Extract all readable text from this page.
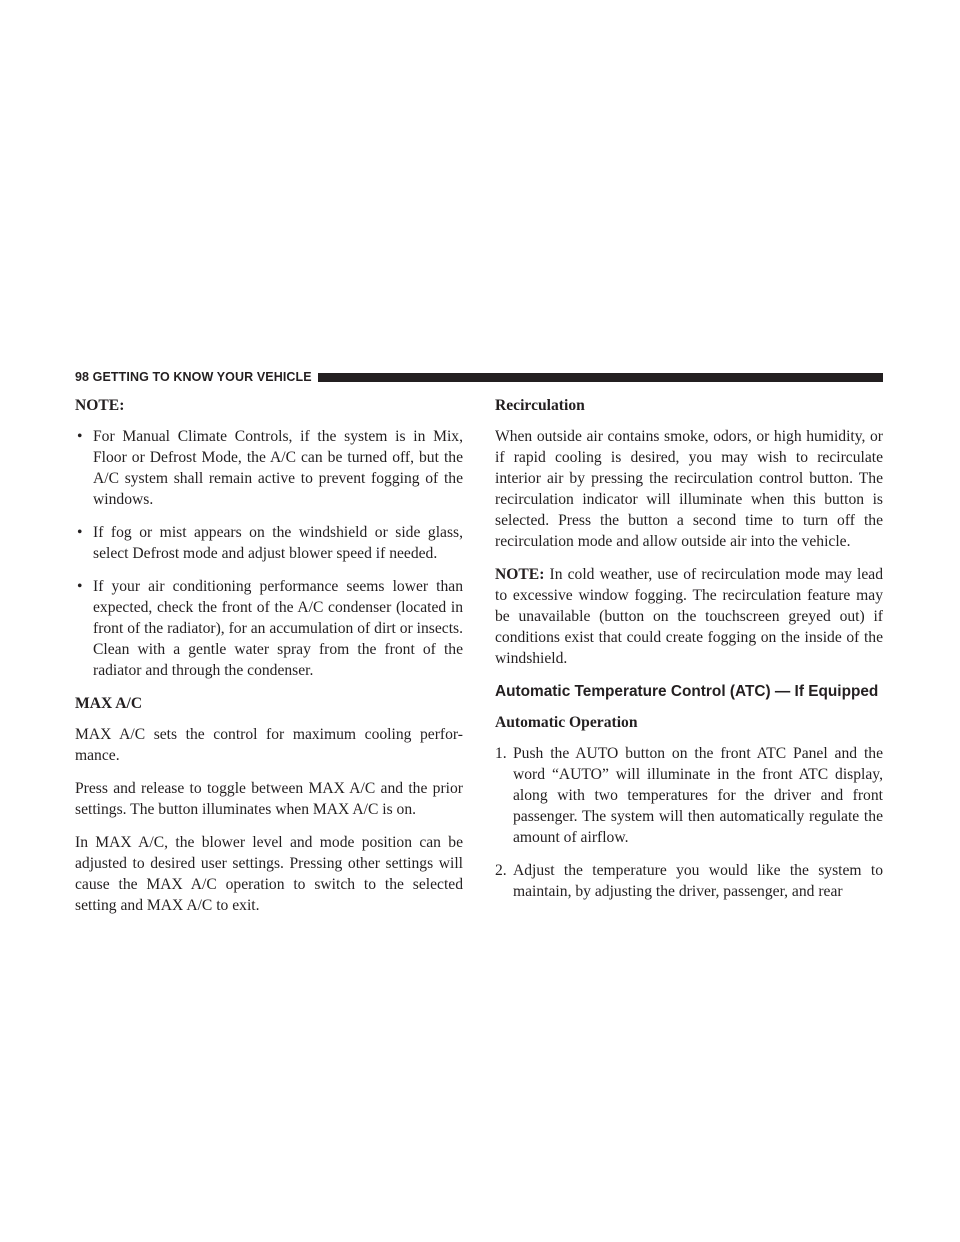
98 GETTING TO KNOW YOUR VEHICLE

NOTE:

• For Manual Climate Controls, if the system is in Mix, Floor or Defrost Mode, the A/C can be turned off, but the A/C system shall remain active to prevent fogging of the windows.
• If fog or mist appears on the windshield or side glass, select Defrost mode and adjust blower speed if needed.
• If your air conditioning performance seems lower than expected, check the front of the A/C condenser (located in front of the radiator), for an accumulation of dirt or insects. Clean with a gentle water spray from the front of the radiator and through the condenser.
MAX A/C

MAX A/C sets the control for maximum cooling perfor-mance.

Press and release to toggle between MAX A/C and the prior settings. The button illuminates when MAX A/C is on.

In MAX A/C, the blower level and mode position can be adjusted to desired user settings. Pressing other settings will cause the MAX A/C operation to switch to the selected setting and MAX A/C to exit.

Recirculation

When outside air contains smoke, odors, or high humidity, or if rapid cooling is desired, you may wish to recirculate interior air by pressing the recirculation control button. The recirculation indicator will illuminate when this button is selected. Press the button a second time to turn off the recirculation mode and allow outside air into the vehicle.

NOTE: In cold weather, use of recirculation mode may lead to excessive window fogging. The recirculation feature may be unavailable (button on the touchscreen greyed out) if conditions exist that could create fogging on the inside of the windshield.

Automatic Temperature Control (ATC) — If Equipped
Automatic Operation
1. Push the AUTO button on the front ATC Panel and the word “AUTO” will illuminate in the front ATC display, along with two temperatures for the driver and front passenger. The system will then automatically regulate the amount of airflow.
2. Adjust the temperature you would like the system to maintain, by adjusting the driver, passenger, and rear
